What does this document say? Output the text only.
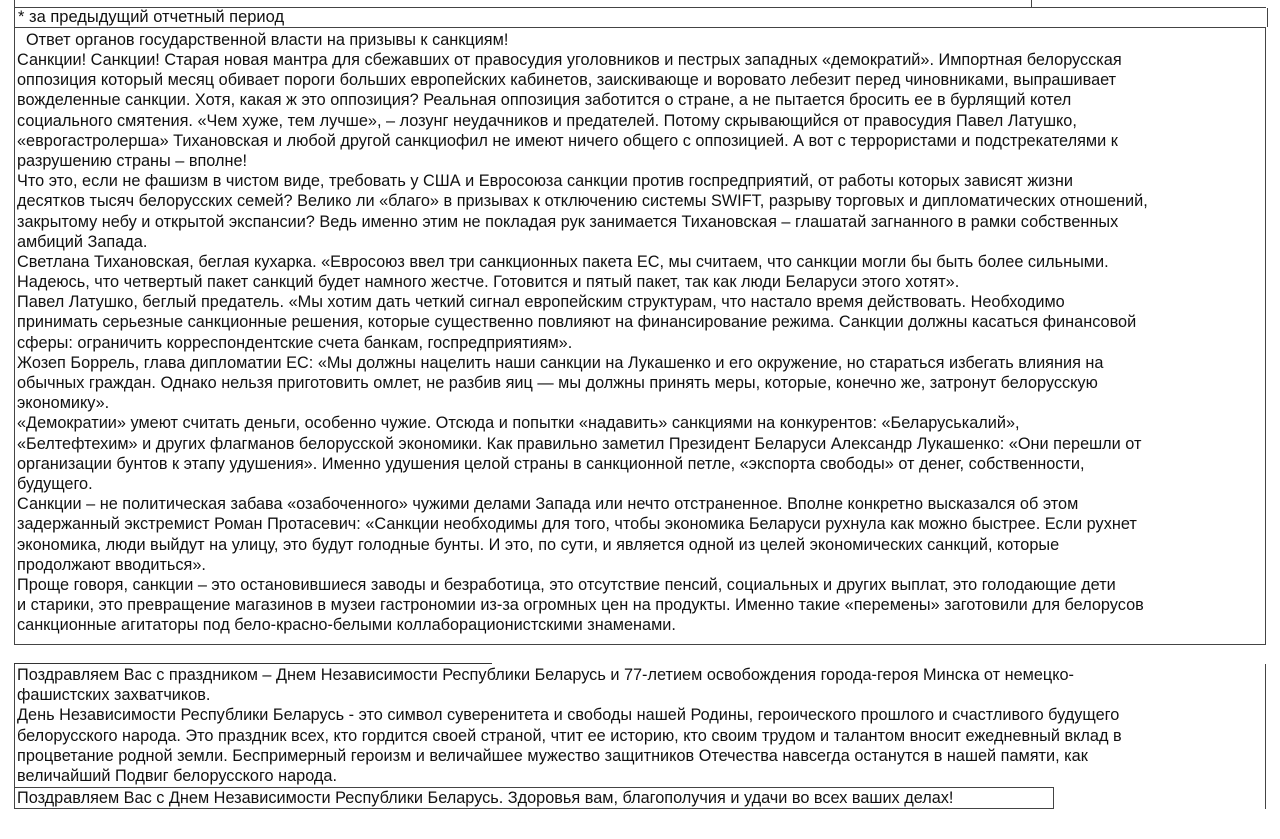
* за предыдущий отчетный период
Ответ органов государственной власти на призывы к санкциям!
Санкции! Санкции! Старая новая мантра для сбежавших от правосудия уголовников и пестрых западных «демократий». Импортная белорусская
оппозиция который месяц обивает пороги больших европейских кабинетов, заискивающе и воровато лебезит перед чиновниками, выпрашивает
вожделенные санкции. Хотя, какая ж это оппозиция? Реальная оппозиция заботится о стране, а не пытается бросить ее в бурлящий котел
социального смятения. «Чем хуже, тем лучше», – лозунг неудачников и предателей. Потому скрывающийся от правосудия Павел Латушко,
«еврогастролерша» Тихановская и любой другой санкциофил не имеют ничего общего с оппозицией. А вот с террористами и подстрекателями к
разрушению страны – вполне!
Что это, если не фашизм в чистом виде, требовать у США и Евросоюза санкции против госпредприятий, от работы которых зависят жизни
десятков тысяч белорусских семей? Велико ли «благо» в призывах к отключению системы SWIFT, разрыву торговых и дипломатических отношений,
закрытому небу и открытой экспансии? Ведь именно этим не покладая рук занимается Тихановская – глашатай загнанного в рамки собственных
амбиций Запада.
Светлана Тихановская, беглая кухарка. «Евросоюз ввел три санкционных пакета ЕС, мы считаем, что санкции могли бы быть более сильными.
Надеюсь, что четвертый пакет санкций будет намного жестче. Готовится и пятый пакет, так как люди Беларуси этого хотят».
Павел Латушко, беглый предатель. «Мы хотим дать четкий сигнал европейским структурам, что настало время действовать. Необходимо
принимать серьезные санкционные решения, которые существенно повлияют на финансирование режима. Санкции должны касаться финансовой
сферы: ограничить корреспондентские счета банкам, госпредприятиям».
Жозеп Боррель, глава дипломатии ЕС: «Мы должны нацелить наши санкции на Лукашенко и его окружение, но стараться избегать влияния на
обычных граждан. Однако нельзя приготовить омлет, не разбив яиц — мы должны принять меры, которые, конечно же, затронут белорусскую
экономику».
«Демократии» умеют считать деньги, особенно чужие. Отсюда и попытки «надавить» санкциями на конкурентов: «Беларуськалий»,
«Белтефтехим» и других флагманов белорусской экономики. Как правильно заметил Президент Беларуси Александр Лукашенко: «Они перешли от
организации бунтов к этапу удушения». Именно удушения целой страны в санкционной петле, «экспорта свободы» от денег, собственности,
будущего.
Санкции – не политическая забава «озабоченного» чужими делами Запада или нечто отстраненное. Вполне конкретно высказался об этом
задержанный экстремист Роман Протасевич: «Санкции необходимы для того, чтобы экономика Беларуси рухнула как можно быстрее. Если рухнет
экономика, люди выйдут на улицу, это будут голодные бунты. И это, по сути, и является одной из целей экономических санкций, которые
продолжают вводиться».
Проще говоря, санкции – это остановившиеся заводы и безработица, это отсутствие пенсий, социальных и других выплат, это голодающие дети
и старики, это превращение магазинов в музеи гастрономии из-за огромных цен на продукты. Именно такие «перемены» заготовили для белорусов
санкционные агитаторы под бело-красно-белыми коллаборационистскими знаменами.
Поздравляем Вас с праздником – Днем Независимости Республики Беларусь и 77-летием освобождения города-героя Минска от немецко-
фашистских захватчиков.
День Независимости Республики Беларусь - это символ суверенитета и свободы нашей Родины, героического прошлого и счастливого будущего
белорусского народа. Это праздник всех, кто гордится своей страной, чтит ее историю, кто своим трудом и талантом вносит ежедневный вклад в
процветание родной земли. Беспримерный героизм и величайшее мужество защитников Отечества навсегда останутся в нашей памяти, как
величайший Подвиг белорусского народа.
Поздравляем Вас с Днем Независимости Республики Беларусь. Здоровья вам, благополучия и удачи во всех ваших делах!
